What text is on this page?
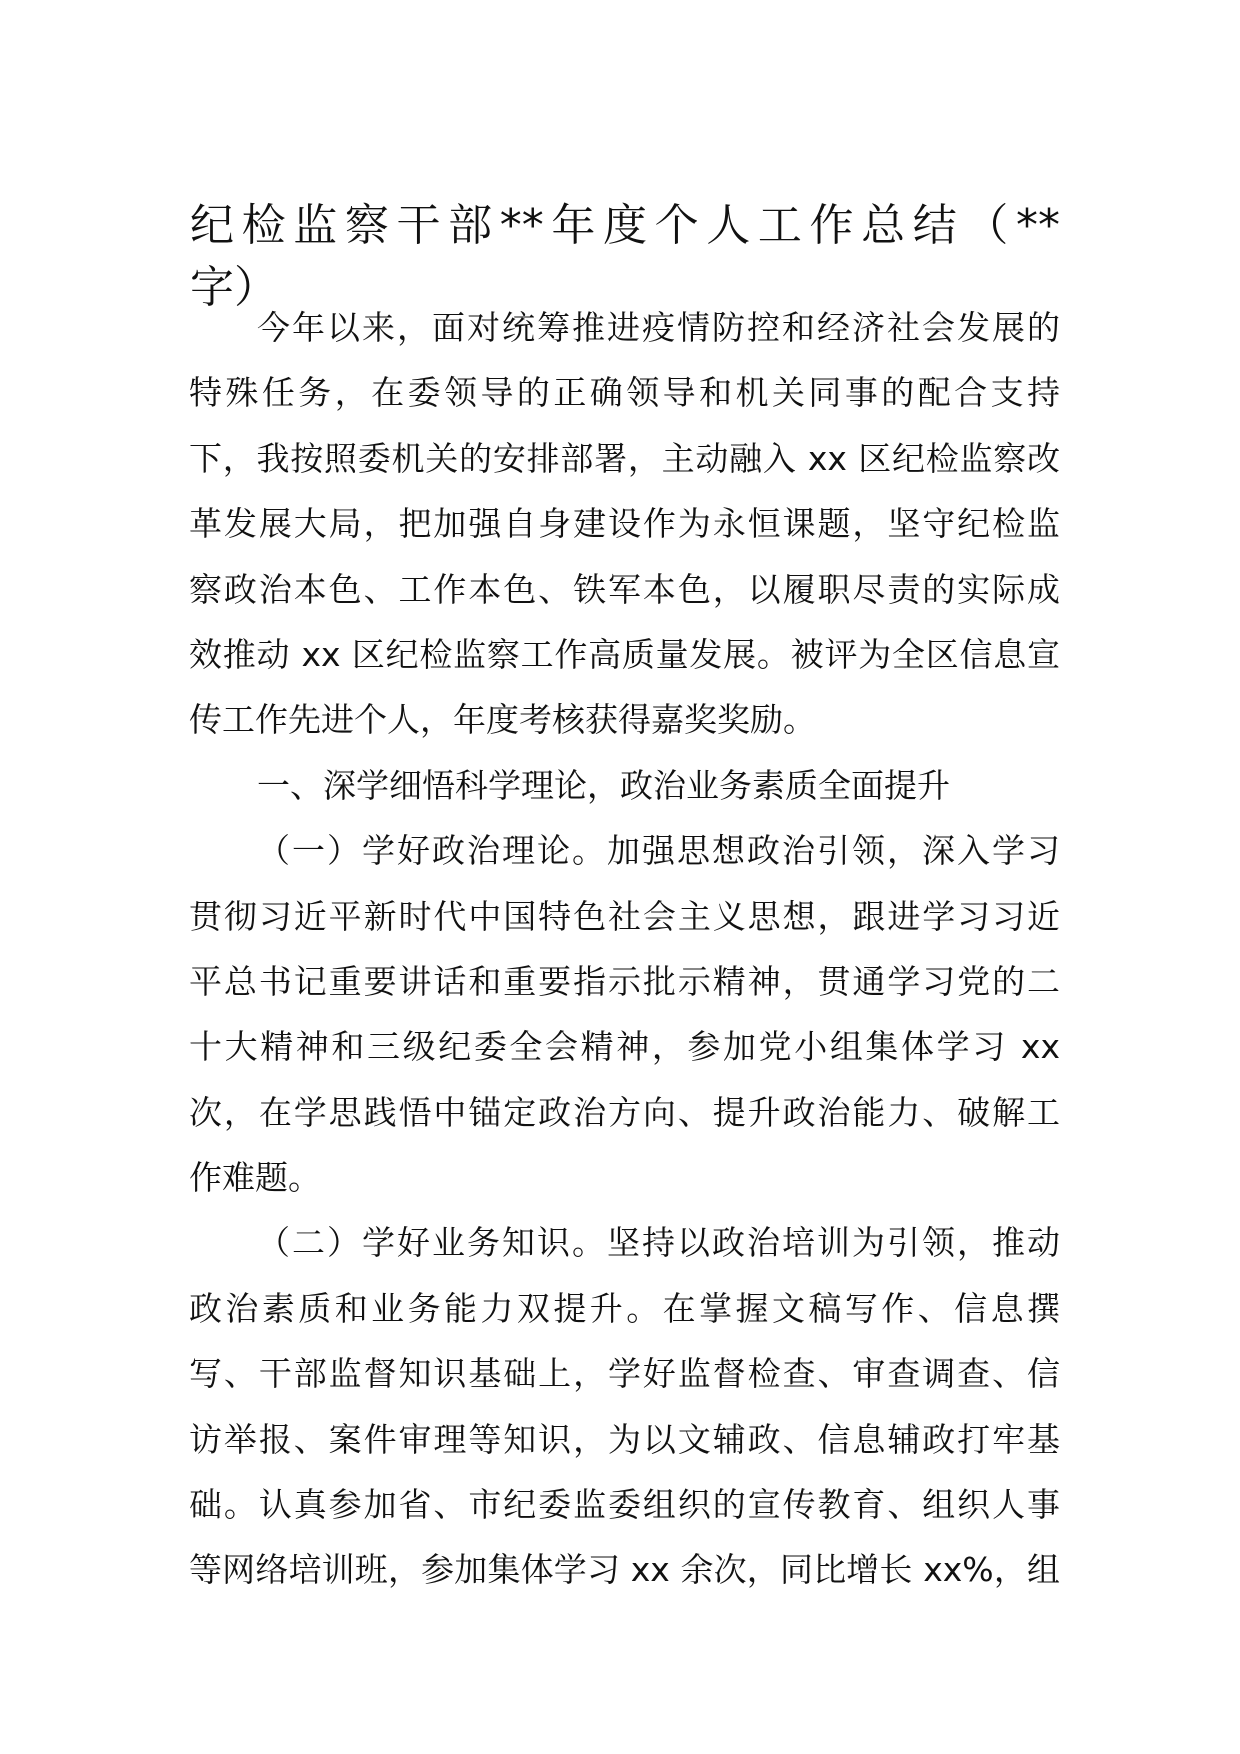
纪检监察干部**年度个人工作总结（**
字）
今年以来，面对统筹推进疫情防控和经济社会发展的
特殊任务，在委领导的正确领导和机关同事的配合支持
下，我按照委机关的安排部署，主动融入 xx 区纪检监察改
革发展大局，把加强自身建设作为永恒课题，坚守纪检监
察政治本色、工作本色、铁军本色，以履职尽责的实际成
效推动 xx 区纪检监察工作高质量发展。被评为全区信息宣
传工作先进个人，年度考核获得嘉奖奖励。
一、深学细悟科学理论，政治业务素质全面提升
（一）学好政治理论。加强思想政治引领，深入学习
贯彻习近平新时代中国特色社会主义思想，跟进学习习近
平总书记重要讲话和重要指示批示精神，贯通学习党的二
十大精神和三级纪委全会精神，参加党小组集体学习 xx
次，在学思践悟中锚定政治方向、提升政治能力、破解工
作难题。
（二）学好业务知识。坚持以政治培训为引领，推动
政治素质和业务能力双提升。在掌握文稿写作、信息撰
写、干部监督知识基础上，学好监督检查、审查调查、信
访举报、案件审理等知识，为以文辅政、信息辅政打牢基
础。认真参加省、市纪委监委组织的宣传教育、组织人事
等网络培训班，参加集体学习 xx 余次，同比增长 xx%，组
